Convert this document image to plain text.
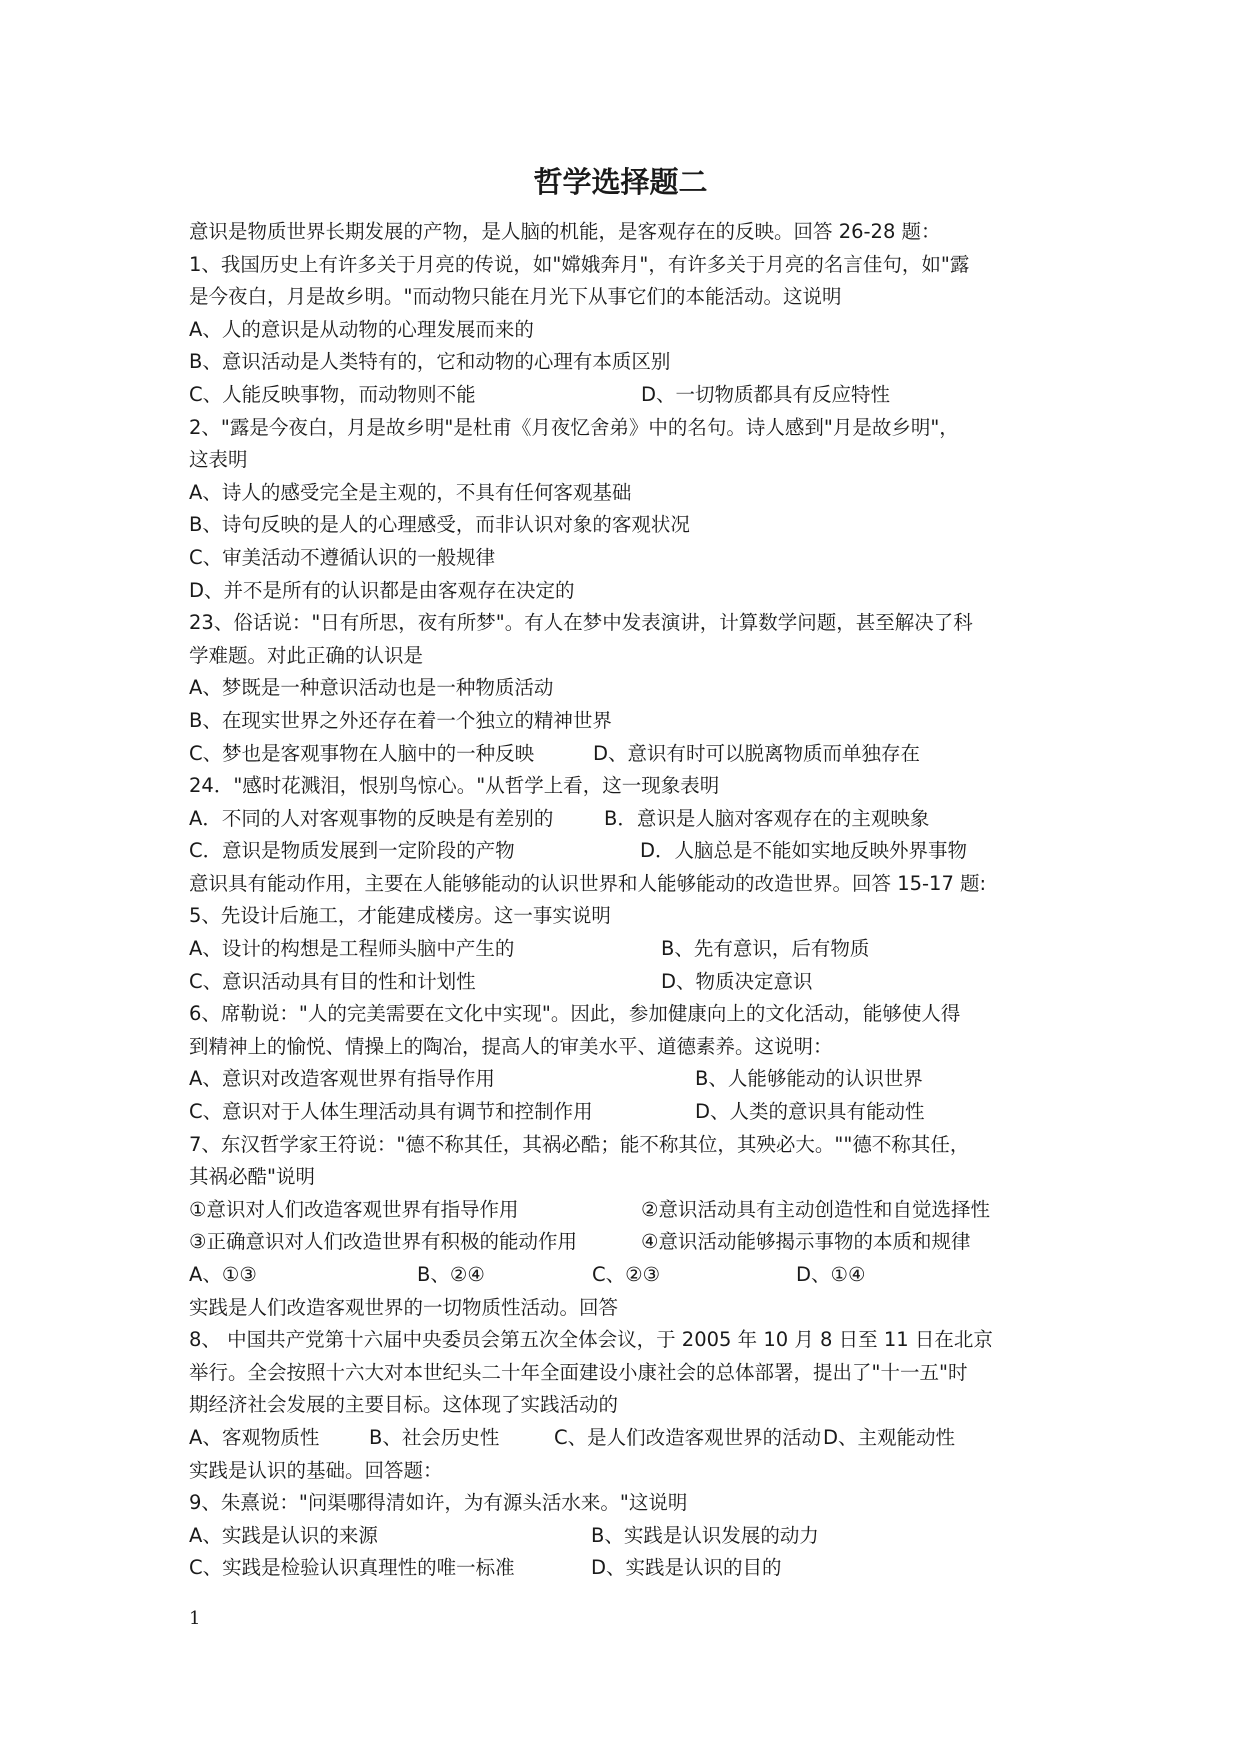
哲学选择题二
意识是物质世界长期发展的产物，是人脑的机能，是客观存在的反映。回答 26-28 题：
1、我国历史上有许多关于月亮的传说，如"嫦娥奔月"，有许多关于月亮的名言佳句，如"露
是今夜白，月是故乡明。"而动物只能在月光下从事它们的本能活动。这说明
A、人的意识是从动物的心理发展而来的
B、意识活动是人类特有的，它和动物的心理有本质区别
C、人能反映事物，而动物则不能	D、一切物质都具有反应特性
2、"露是今夜白，月是故乡明"是杜甫《月夜忆舍弟》中的名句。诗人感到"月是故乡明"，
这表明
A、诗人的感受完全是主观的，不具有任何客观基础
B、诗句反映的是人的心理感受，而非认识对象的客观状况
C、审美活动不遵循认识的一般规律
D、并不是所有的认识都是由客观存在决定的
23、俗话说："日有所思，夜有所梦"。有人在梦中发表演讲，计算数学问题，甚至解决了科
学难题。对此正确的认识是
A、梦既是一种意识活动也是一种物质活动
B、在现实世界之外还存在着一个独立的精神世界
C、梦也是客观事物在人脑中的一种反映	D、意识有时可以脱离物质而单独存在
24．"感时花溅泪，恨别鸟惊心。"从哲学上看，这一现象表明
A．不同的人对客观事物的反映是有差别的	B．意识是人脑对客观存在的主观映象
C．意识是物质发展到一定阶段的产物	D．人脑总是不能如实地反映外界事物
意识具有能动作用，主要在人能够能动的认识世界和人能够能动的改造世界。回答 15-17 题:
5、先设计后施工，才能建成楼房。这一事实说明
A、设计的构想是工程师头脑中产生的	B、先有意识，后有物质
C、意识活动具有目的性和计划性	D、物质决定意识
6、席勒说："人的完美需要在文化中实现"。因此，参加健康向上的文化活动，能够使人得
到精神上的愉悦、情操上的陶冶，提高人的审美水平、道德素养。这说明：
A、意识对改造客观世界有指导作用	B、人能够能动的认识世界
C、意识对于人体生理活动具有调节和控制作用	D、人类的意识具有能动性
7、东汉哲学家王符说："德不称其任，其祸必酷；能不称其位，其殃必大。""德不称其任，
其祸必酷"说明
①意识对人们改造客观世界有指导作用	②意识活动具有主动创造性和自觉选择性
③正确意识对人们改造世界有积极的能动作用	④意识活动能够揭示事物的本质和规律
A、①③	B、②④	C、②③	D、①④
实践是人们改造客观世界的一切物质性活动。回答
8、 中国共产党第十六届中央委员会第五次全体会议，于 2005 年 10 月 8 日至 11 日在北京
举行。全会按照十六大对本世纪头二十年全面建设小康社会的总体部署，提出了"十一五"时
期经济社会发展的主要目标。这体现了实践活动的
A、客观物质性	B、社会历史性	C、是人们改造客观世界的活动 D、主观能动性
实践是认识的基础。回答题：
9、朱熹说："问渠哪得清如许，为有源头活水来。"这说明
A、实践是认识的来源	B、实践是认识发展的动力
C、实践是检验认识真理性的唯一标准	D、实践是认识的目的
1
